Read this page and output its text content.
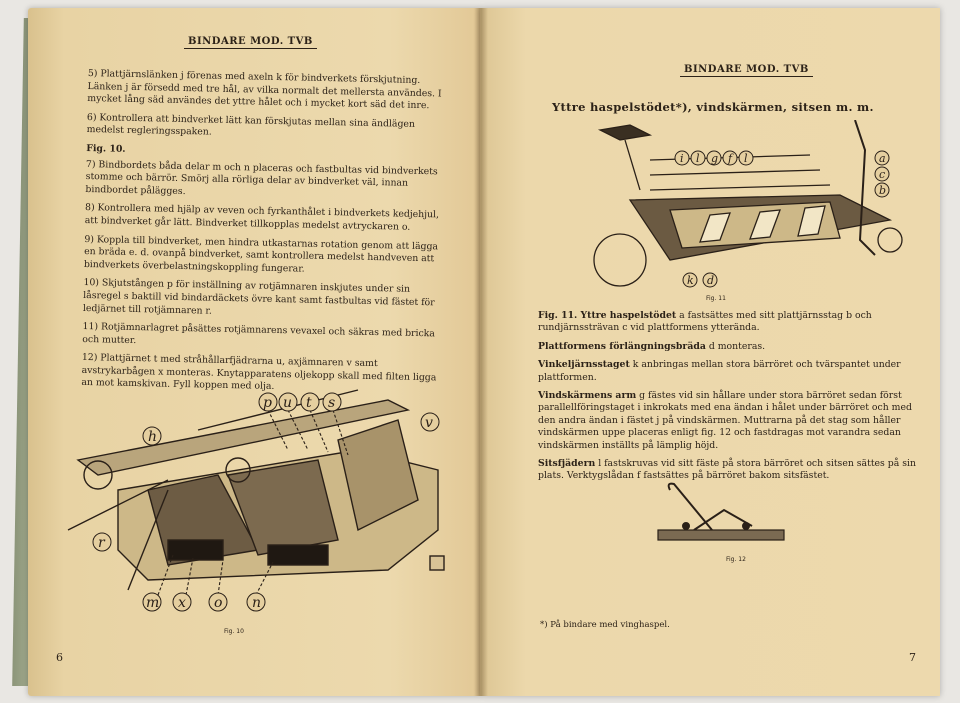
BINDARE MOD. TVB

5) Plattjärnslänken j förenas med axeln k för bindverkets förskjutning. Länken j är försedd med tre hål, av vilka normalt det mellersta användes. I mycket lång säd användes det yttre hålet och i mycket kort säd det inre.

6) Kontrollera att bindverket lätt kan förskjutas mellan sina ändlägen medelst regleringsspaken.

Fig. 10.

7) Bindbordets båda delar m och n placeras och fastbultas vid bindverkets stomme och bärrör. Smörj alla rörliga delar av bindverket väl, innan bindbordet pålägges.

8) Kontrollera med hjälp av veven och fyrkanthålet i bindverkets kedjehjul, att bindverket går lätt. Bindverket tillkopplas medelst avtryckaren o.

9) Koppla till bindverket, men hindra utkastarnas rotation genom att lägga en bräda e. d. ovanpå bindverket, samt kontrollera medelst handveven att bindverkets överbelastningskoppling fungerar.

10) Skjutstången p för inställning av rotjämnaren inskjutes under sin låsregel s baktill vid bindardäckets övre kant samt fastbultas vid fästet för ledjärnet till rotjämnaren r.

11) Rotjämnarlagret påsättes rotjämnarens vevaxel och säkras med bricka och mutter.

12) Plattjärnet t med stråhållarfjädrarna u, axjämnaren v samt avstrykarbågen x monteras. Knytapparatens oljekopp skall med filten ligga an mot kamskivan. Fyll koppen med olja.

p u t s
v
h
r
m x o n
Fig. 10
6
BINDARE MOD. TVB
Yttre haspelstödet*), vindskärmen, sitsen m. m.
i l g f l	a
c
b
k d
Fig. 11

Fig. 11. Yttre haspelstödet a fastsättes med sitt plattjärnsstag b och rundjärnssträvan c vid plattformens ytterända.

Plattformens förlängningsbräda d monteras.

Vinkeljärnsstaget k anbringas mellan stora bärröret och tvärspantet under plattformen.

Vindskärmens arm g fästes vid sin hållare under stora bärröret sedan först parallellföringstaget i inkrokats med ena ändan i hålet under bärröret och med den andra ändan i fästet j på vindskärmen. Muttrarna på det stag som håller vindskärmen uppe placeras enligt fig. 12 och fastdragas mot varandra sedan vindskärmen inställts på lämplig höjd.

Sitsfjädern l fastskruvas vid sitt fäste på stora bärröret och sitsen sättes på sin plats. Verktygslådan f fastsättes på bärröret bakom sitsfästet.

Fig. 12
*) På bindare med vinghaspel.
7
